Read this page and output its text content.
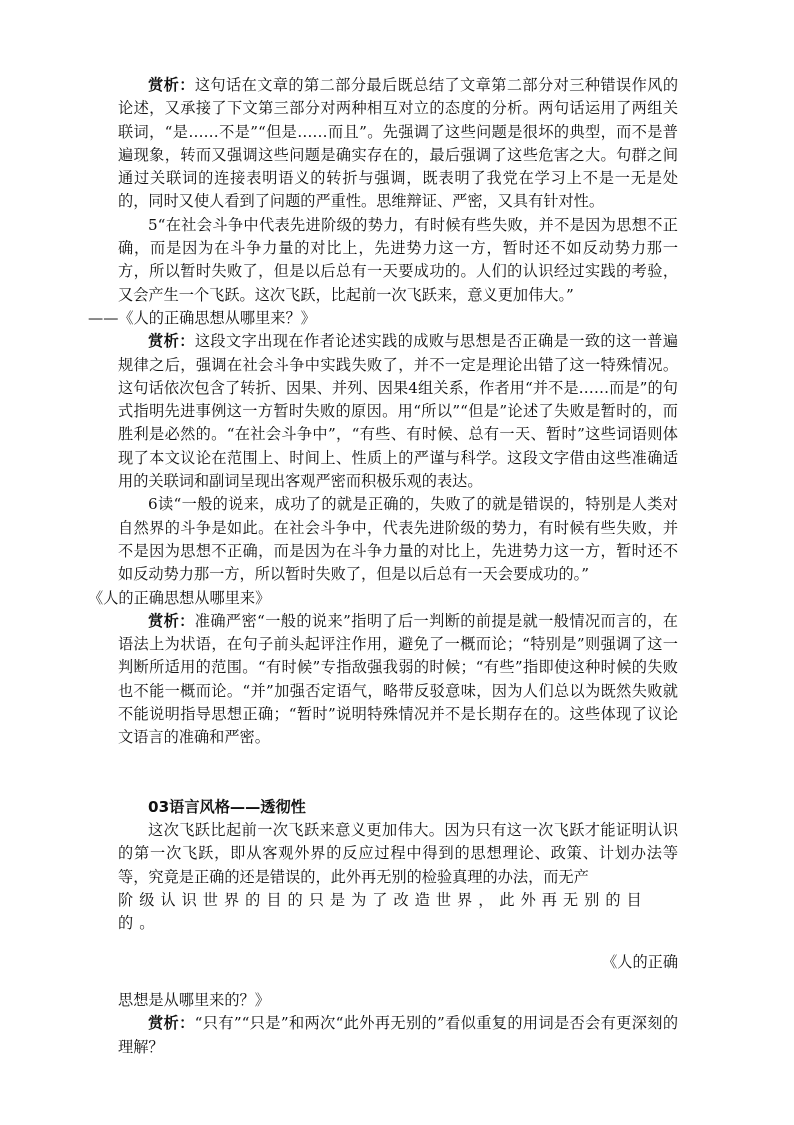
赏析：这句话在文章的第二部分最后既总结了文章第二部分对三种错误作风的论述，又承接了下文第三部分对两种相互对立的态度的分析。两句话运用了两组关联词，“是……不是”“但是……而且”。先强调了这些问题是很坏的典型，而不是普遍现象，转而又强调这些问题是确实存在的，最后强调了这些危害之大。句群之间通过关联词的连接表明语义的转折与强调，既表明了我党在学习上不是一无是处的，同时又使人看到了问题的严重性。思维辩证、严密，又具有针对性。

5“在社会斗争中代表先进阶级的势力，有时候有些失败，并不是因为思想不正确，而是因为在斗争力量的对比上，先进势力这一方，暂时还不如反动势力那一方，所以暂时失败了，但是以后总有一天要成功的。人们的认识经过实践的考验，又会产生一个飞跃。这次飞跃，比起前一次飞跃来，意义更加伟大。”
——《人的正确思想从哪里来？》

赏析：这段文字出现在作者论述实践的成败与思想是否正确是一致的这一普遍规律之后，强调在社会斗争中实践失败了，并不一定是理论出错了这一特殊情况。这句话依次包含了转折、因果、并列、因果4组关系，作者用“并不是……而是”的句式指明先进事例这一方暂时失败的原因。用“所以”“但是”论述了失败是暂时的，而胜利是必然的。“在社会斗争中”，“有些、有时候、总有一天、暂时”这些词语则体现了本文议论在范围上、时间上、性质上的严谨与科学。这段文字借由这些准确适用的关联词和副词呈现出客观严密而积极乐观的表达。

6读“一般的说来，成功了的就是正确的，失败了的就是错误的，特别是人类对自然界的斗争是如此。在社会斗争中，代表先进阶级的势力，有时候有些失败，并不是因为思想不正确，而是因为在斗争力量的对比上，先进势力这一方，暂时还不如反动势力那一方，所以暂时失败了，但是以后总有一天会要成功的。”
《人的正确思想从哪里来》

赏析：准确严密“一般的说来”指明了后一判断的前提是就一般情况而言的，在语法上为状语，在句子前头起评注作用，避免了一概而论；“特别是”则强调了这一判断所适用的范围。“有时候”专指敌强我弱的时候；“有些”指即使这种时候的失败也不能一概而论。“并”加强否定语气，略带反驳意味，因为人们总以为既然失败就不能说明指导思想正确；“暂时”说明特殊情况并不是长期存在的。这些体现了议论文语言的准确和严密。

03语言风格——透彻性

这次飞跃比起前一次飞跃来意义更加伟大。因为只有这一次飞跃才能证明认识的第一次飞跃，即从客观外界的反应过程中得到的思想理论、政策、计划办法等等，究竟是正确的还是错误的，此外再无别的检验真理的办法，而无产

阶级认识世界的目的只是为了改造世界，此外再无别的目的。

《人的正确

思想是从哪里来的？》

赏析：“只有”“只是”和两次“此外再无别的”看似重复的用词是否会有更深刻的理解？
